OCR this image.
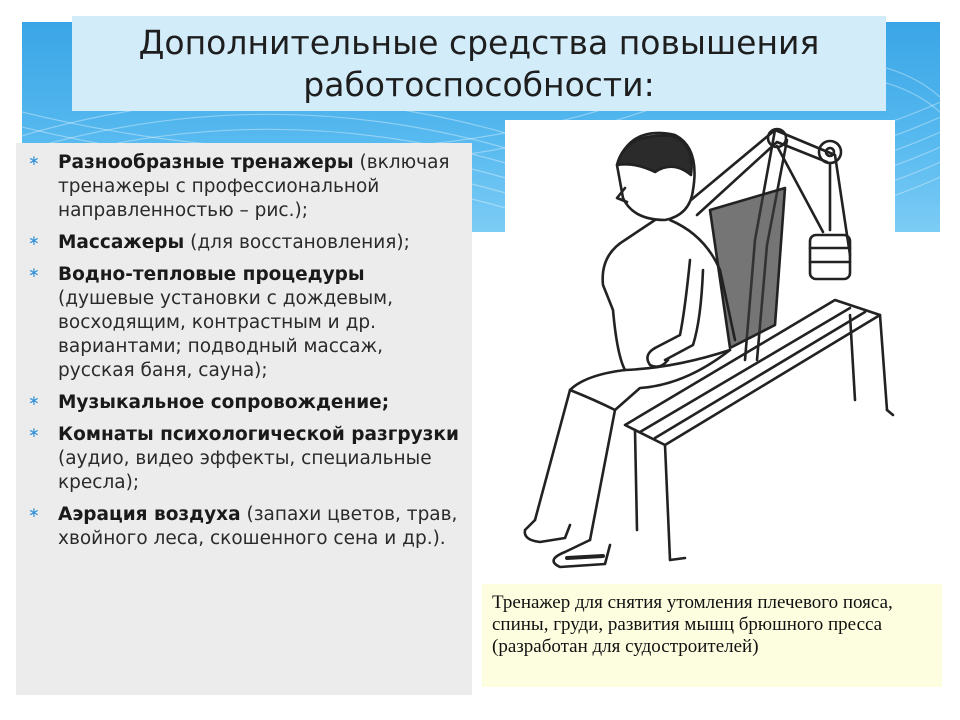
Дополнительные средства повышения
работоспособности:
∗ Разнообразные тренажеры (включая тренажеры с профессиональной направленностью – рис.);
∗ Массажеры (для восстановления);
∗ Водно-тепловые процедуры (душевые установки с дождевым, восходящим, контрастным и др. вариантами; подводный массаж, русская баня, сауна);
∗ Музыкальное сопровождение;
∗ Комнаты психологической разгрузки (аудио, видео эффекты, специальные кресла);
∗ Аэрация воздуха (запахи цветов, трав, хвойного леса, скошенного сена и др.).
Тренажер для снятия утомления плечевого пояса, спины, груди, развития мышц брюшного пресса (разработан для судостроителей)
